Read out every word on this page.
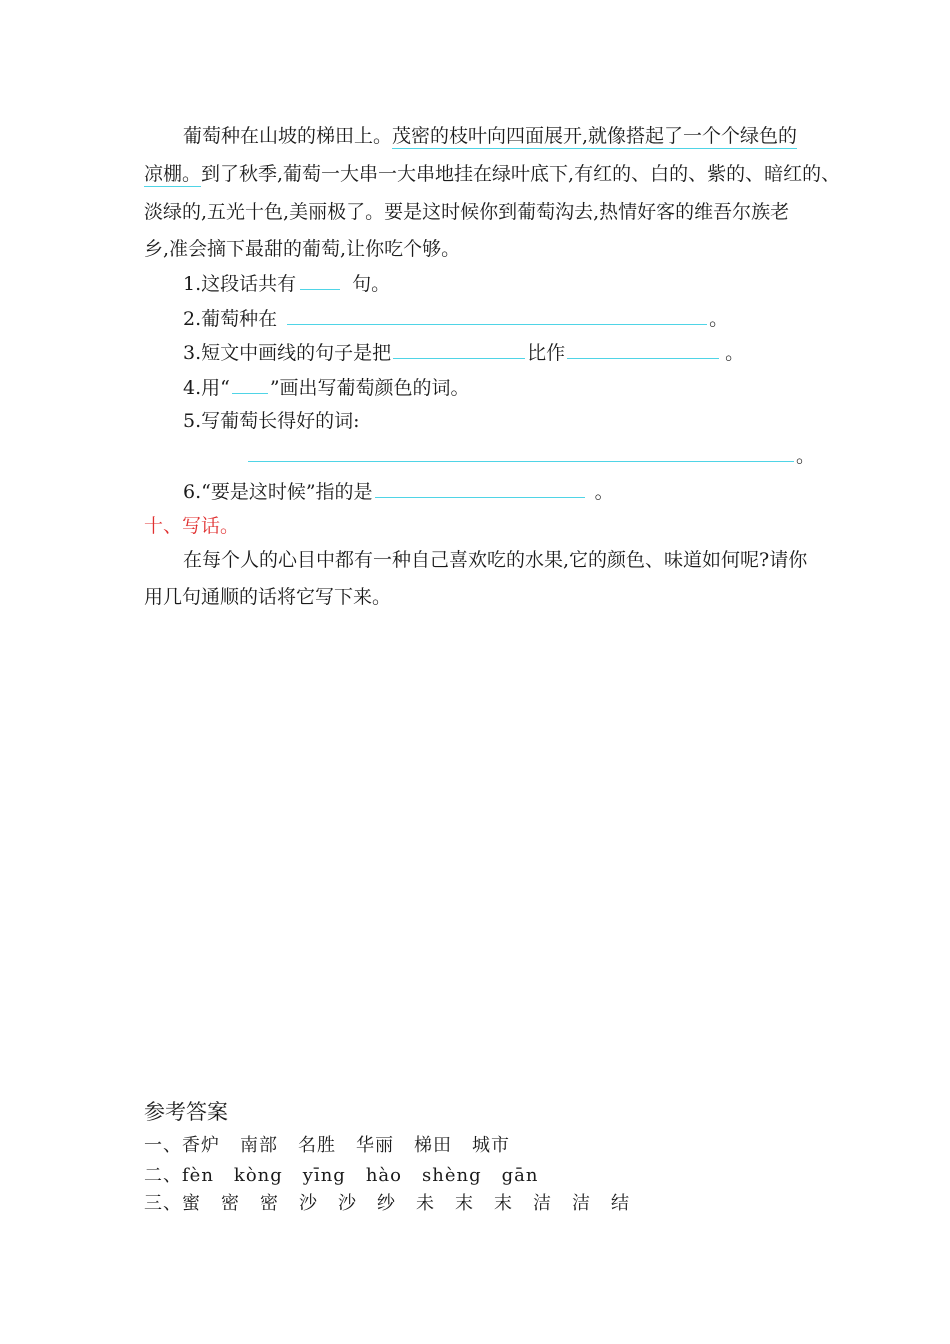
葡萄种在山坡的梯田上。茂密的枝叶向四面展开,就像搭起了一个个绿色的
凉棚。到了秋季,葡萄一大串一大串地挂在绿叶底下,有红的、白的、紫的、暗红的、
淡绿的,五光十色,美丽极了。要是这时候你到葡萄沟去,热情好客的维吾尔族老
乡,准会摘下最甜的葡萄,让你吃个够。
1.这段话共有	句。
2.葡萄种在	。
3.短文中画线的句子是把	比作	。
4.用“ ”画出写葡萄颜色的词。
5.写葡萄长得好的词:
。
6.“要是这时候”指的是	。
十、写话。
在每个人的心目中都有一种自己喜欢吃的水果,它的颜色、味道如何呢?请你
用几句通顺的话将它写下来。
参考答案
一、香炉 南部 名胜 华丽 梯田 城市
二、fèn kòng yīng hào shèng gān
三、蜜 密 密 沙 沙 纱 未 末 末 洁 洁 结
